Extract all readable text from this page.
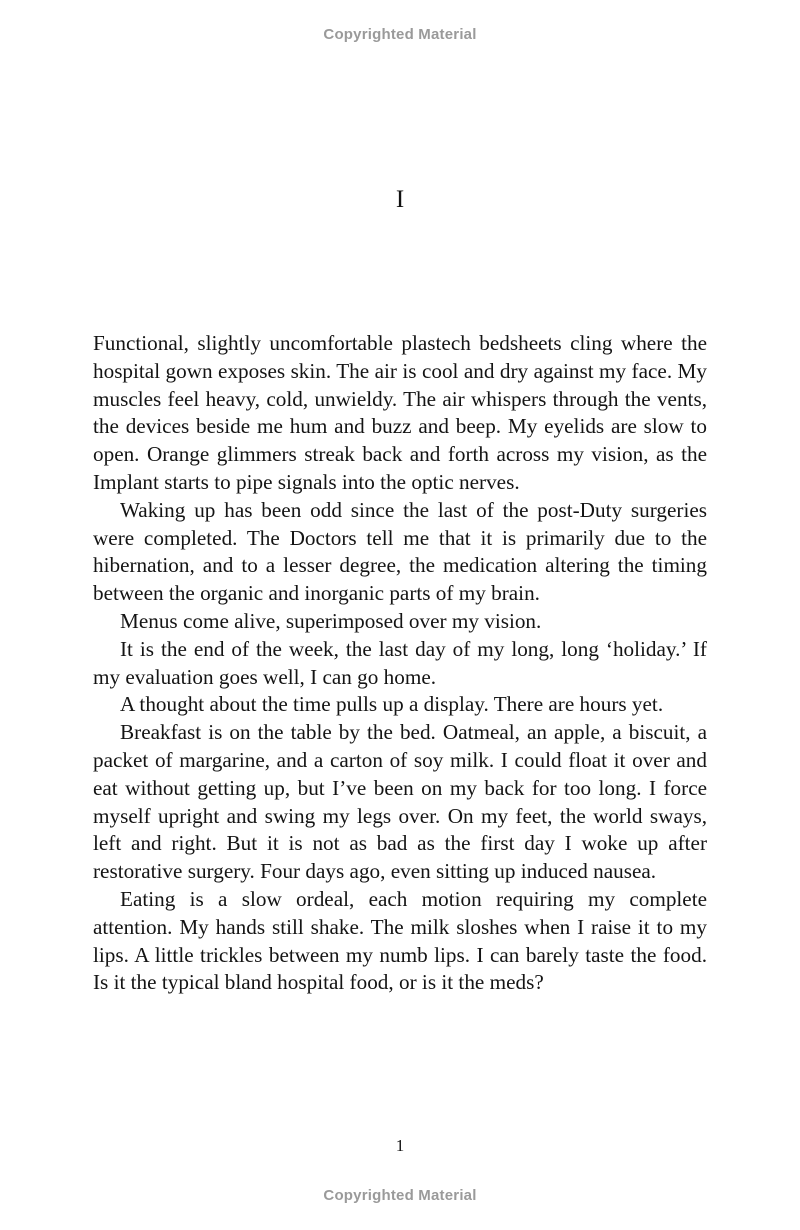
Copyrighted Material
I

Functional, slightly uncomfortable plastech bedsheets cling where the hospital gown exposes skin. The air is cool and dry against my face. My muscles feel heavy, cold, unwieldy. The air whispers through the vents, the devices beside me hum and buzz and beep. My eyelids are slow to open. Orange glimmers streak back and forth across my vision, as the Implant starts to pipe signals into the optic nerves.

Waking up has been odd since the last of the post-Duty surgeries were completed. The Doctors tell me that it is primarily due to the hibernation, and to a lesser degree, the medication altering the timing between the organic and inorganic parts of my brain.

Menus come alive, superimposed over my vision.

It is the end of the week, the last day of my long, long ‘holiday.’ If my evaluation goes well, I can go home.

A thought about the time pulls up a display. There are hours yet.

Breakfast is on the table by the bed. Oatmeal, an apple, a biscuit, a packet of margarine, and a carton of soy milk. I could float it over and eat without getting up, but I’ve been on my back for too long. I force myself upright and swing my legs over. On my feet, the world sways, left and right. But it is not as bad as the first day I woke up after restorative surgery. Four days ago, even sitting up induced nausea.

Eating is a slow ordeal, each motion requiring my complete attention. My hands still shake. The milk sloshes when I raise it to my lips. A little trickles between my numb lips. I can barely taste the food. Is it the typical bland hospital food, or is it the meds?

1
Copyrighted Material
